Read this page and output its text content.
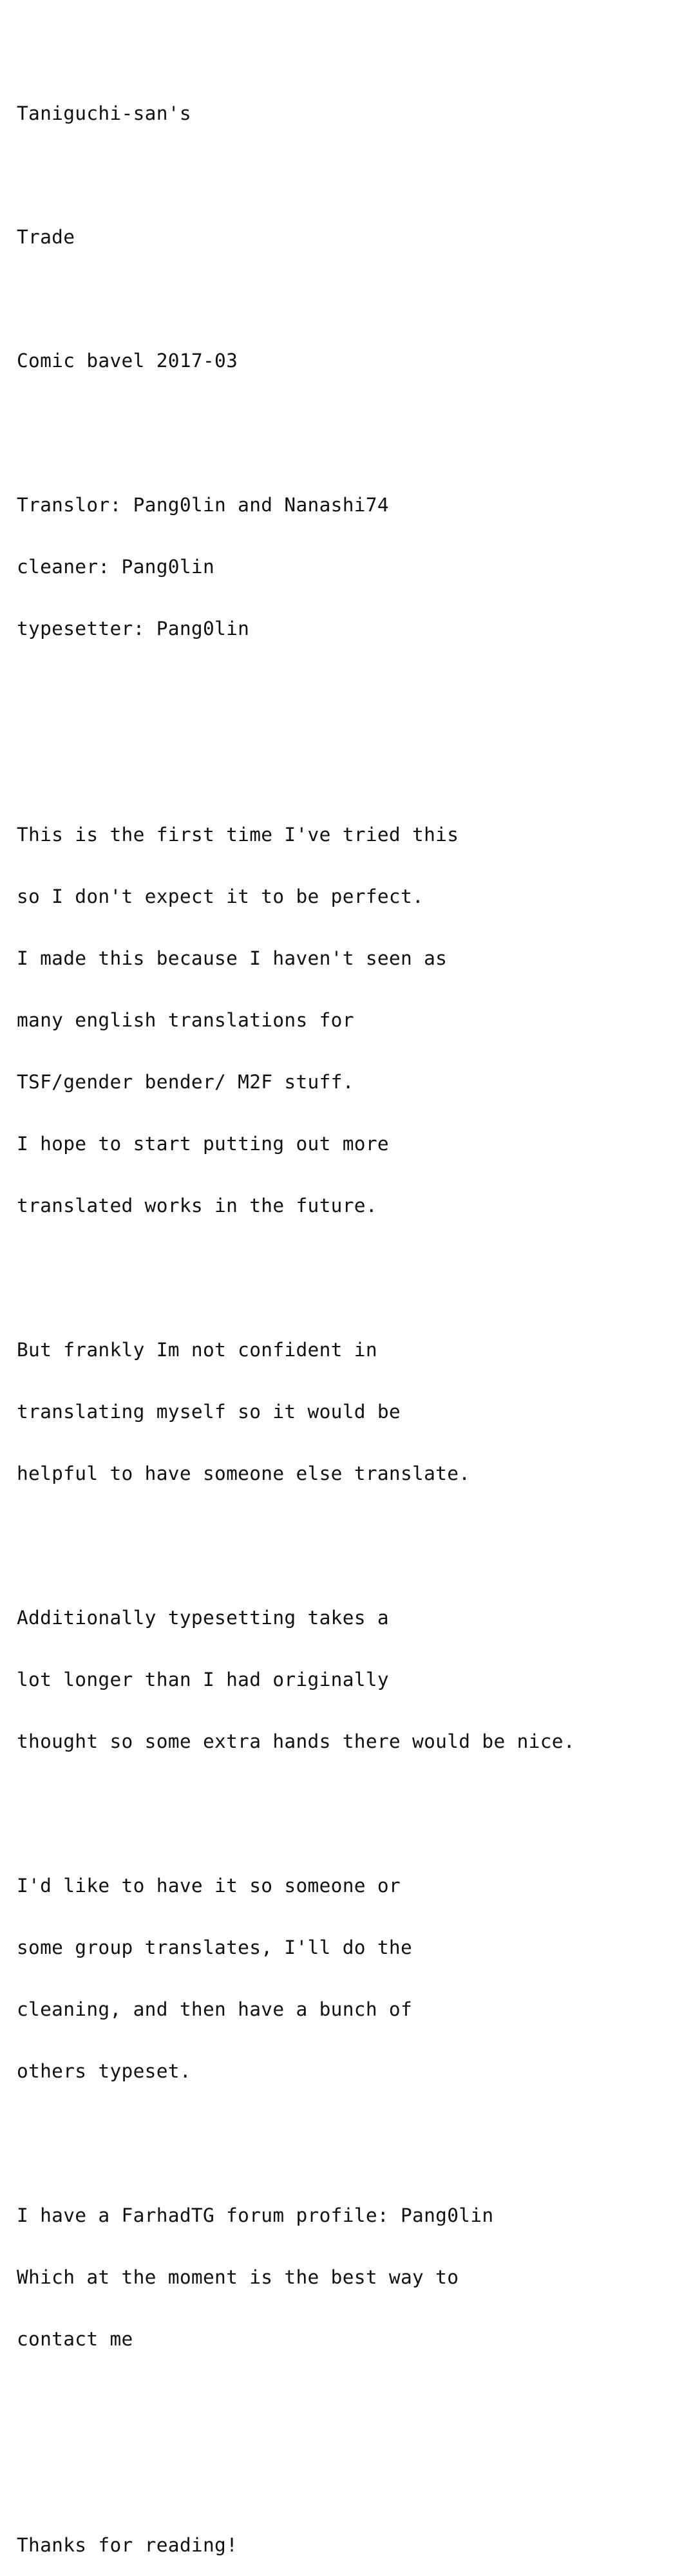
Taniguchi-san's

Trade

Comic bavel 2017-03

Translor: Pang0lin and Nanashi74

cleaner: Pang0lin

typesetter: Pang0lin

This is the first time I've tried this

so I don't expect it to be perfect.

I made this because I haven't seen as

many english translations for

TSF/gender bender/ M2F stuff.

I hope to start putting out more

translated works in the future.

But frankly Im not confident in

translating myself so it would be

helpful to have someone else translate.

Additionally typesetting takes a

lot longer than I had originally

thought so some extra hands there would be nice.

I'd like to have it so someone or

some group translates, I'll do the

cleaning, and then have a bunch of

others typeset.

I have a FarhadTG forum profile: Pang0lin

Which at the moment is the best way to

contact me

Thanks for reading!
